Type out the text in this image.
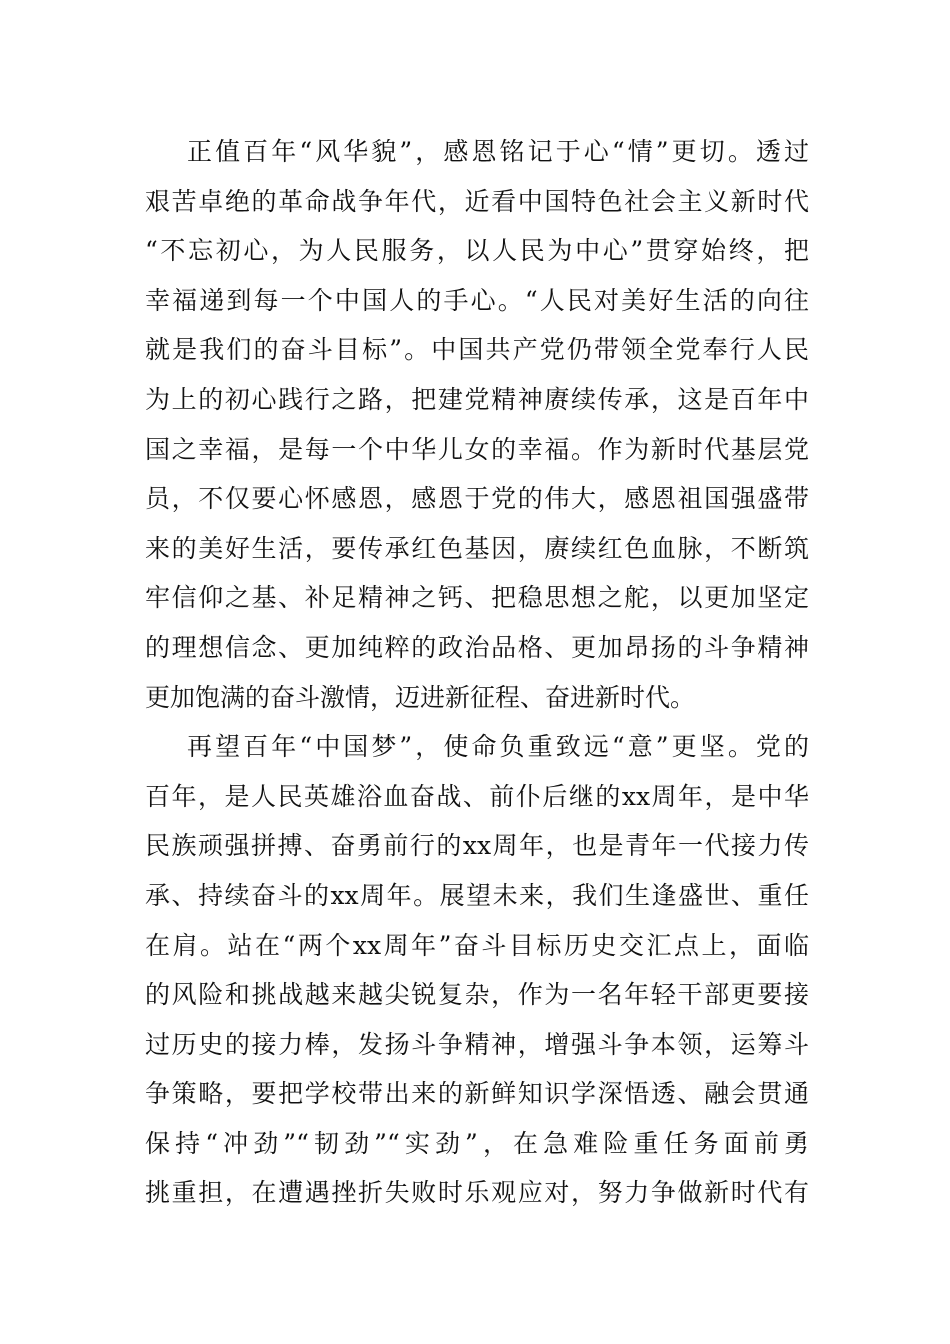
正值百年“风华貌”，感恩铭记于心“情”更切。透过
艰苦卓绝的革命战争年代，近看中国特色社会主义新时代
“不忘初心，为人民服务，以人民为中心”贯穿始终，把
幸福递到每一个中国人的手心。“人民对美好生活的向往
就是我们的奋斗目标”。中国共产党仍带领全党奉行人民
为上的初心践行之路，把建党精神赓续传承，这是百年中
国之幸福，是每一个中华儿女的幸福。作为新时代基层党
员，不仅要心怀感恩，感恩于党的伟大，感恩祖国强盛带
来的美好生活，要传承红色基因，赓续红色血脉，不断筑
牢信仰之基、补足精神之钙、把稳思想之舵，以更加坚定
的理想信念、更加纯粹的政治品格、更加昂扬的斗争精神
更加饱满的奋斗激情，迈进新征程、奋进新时代。
再望百年“中国梦”，使命负重致远“意”更坚。党的
百年，是人民英雄浴血奋战、前仆后继的xx周年，是中华
民族顽强拼搏、奋勇前行的xx周年，也是青年一代接力传
承、持续奋斗的xx周年。展望未来，我们生逢盛世、重任
在肩。站在“两个xx周年”奋斗目标历史交汇点上，面临
的风险和挑战越来越尖锐复杂，作为一名年轻干部更要接
过历史的接力棒，发扬斗争精神，增强斗争本领，运筹斗
争策略，要把学校带出来的新鲜知识学深悟透、融会贯通
保持“冲劲”“韧劲”“实劲”，在急难险重任务面前勇
挑重担，在遭遇挫折失败时乐观应对，努力争做新时代有
